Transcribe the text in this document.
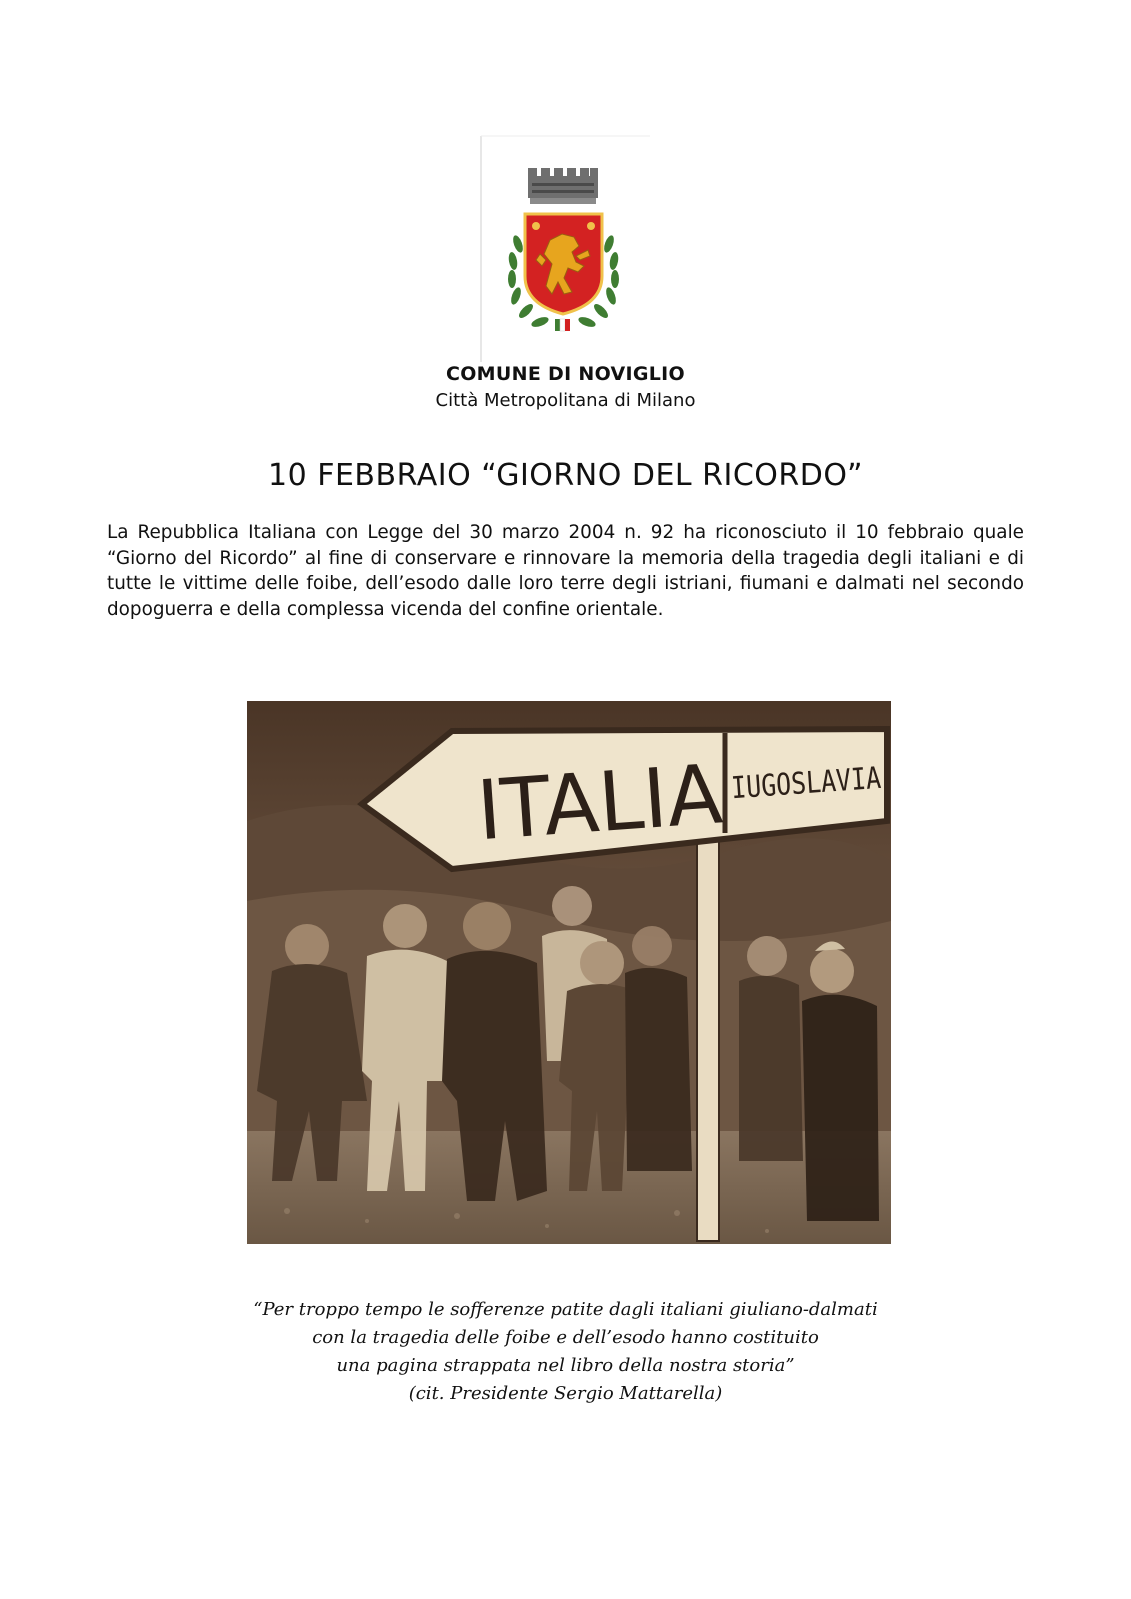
COMUNE DI NOVIGLIO
Città Metropolitana di Milano
10 FEBBRAIO “GIORNO DEL RICORDO”
La Repubblica Italiana con Legge del 30 marzo 2004 n. 92 ha riconosciuto il 10 febbraio quale “Giorno del Ricordo” al fine di conservare e rinnovare la memoria della tragedia degli italiani e di tutte le vittime delle foibe, dell’esodo dalle loro terre degli istriani, fiumani e dalmati nel secondo dopoguerra e della complessa vicenda del confine orientale.
ITALIA IUGOSLAVIA
“Per troppo tempo le sofferenze patite dagli italiani giuliano-dalmati
con la tragedia delle foibe e dell’esodo hanno costituito
una pagina strappata nel libro della nostra storia”
(cit. Presidente Sergio Mattarella)
